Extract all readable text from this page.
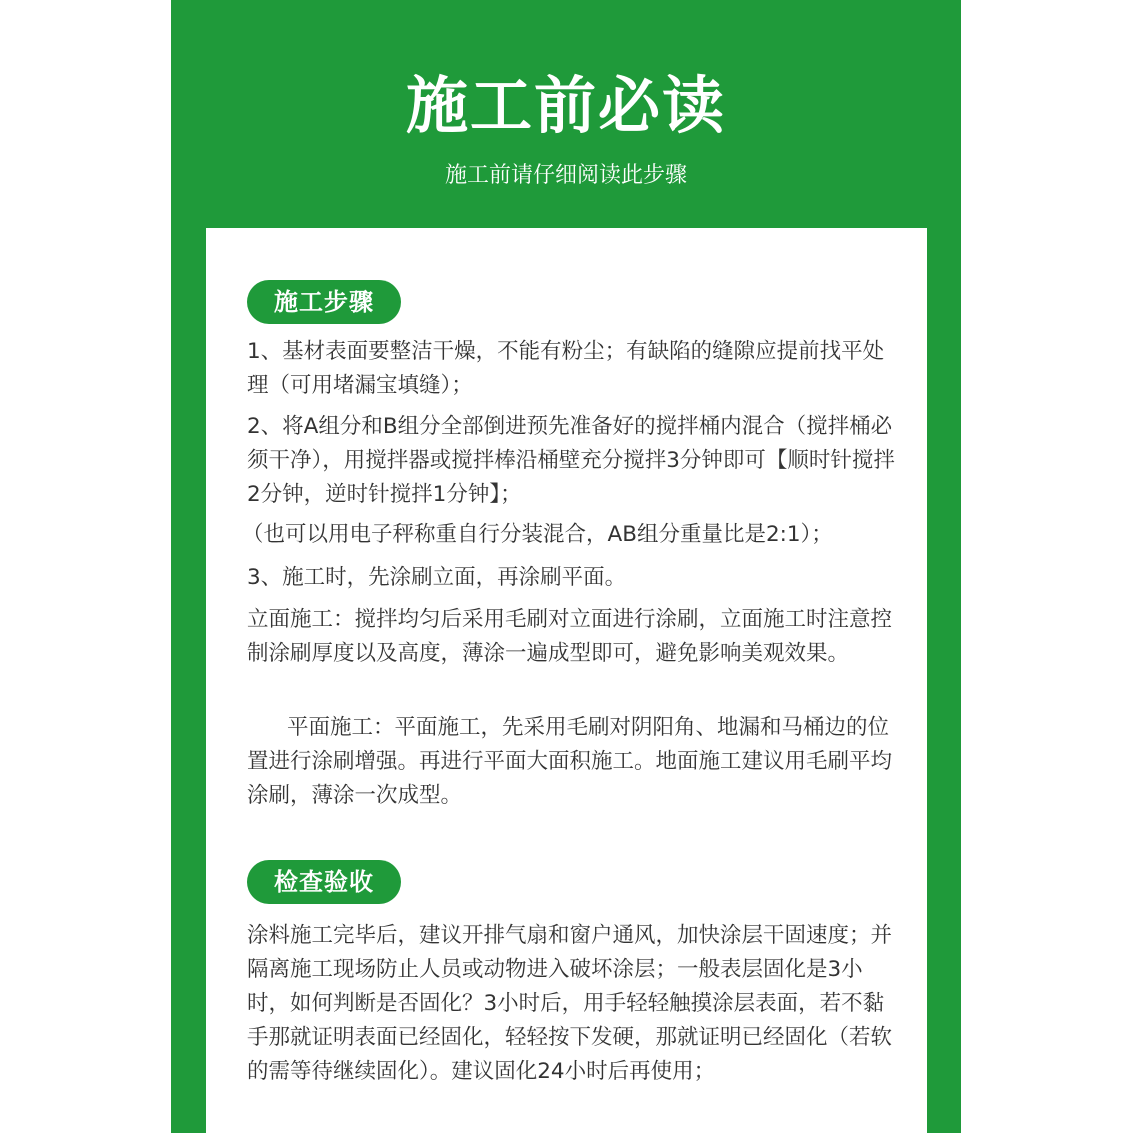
施工前必读
施工前请仔细阅读此步骤
施工步骤

1、基材表面要整洁干燥，不能有粉尘；有缺陷的缝隙应提前找平处理（可用堵漏宝填缝）；

2、将A组分和B组分全部倒进预先准备好的搅拌桶内混合（搅拌桶必须干净），用搅拌器或搅拌棒沿桶壁充分搅拌3分钟即可【顺时针搅拌2分钟，逆时针搅拌1分钟】；

（也可以用电子秤称重自行分装混合，AB组分重量比是2:1）；

3、施工时，先涂刷立面，再涂刷平面。

立面施工：搅拌均匀后采用毛刷对立面进行涂刷，立面施工时注意控制涂刷厚度以及高度，薄涂一遍成型即可，避免影响美观效果。

平面施工：平面施工，先采用毛刷对阴阳角、地漏和马桶边的位置进行涂刷增强。再进行平面大面积施工。地面施工建议用毛刷平均涂刷，薄涂一次成型。

检查验收

涂料施工完毕后，建议开排气扇和窗户通风，加快涂层干固速度；并隔离施工现场防止人员或动物进入破坏涂层；一般表层固化是3小时，如何判断是否固化？3小时后，用手轻轻触摸涂层表面，若不黏手那就证明表面已经固化，轻轻按下发硬，那就证明已经固化（若软的需等待继续固化）。建议固化24小时后再使用；
